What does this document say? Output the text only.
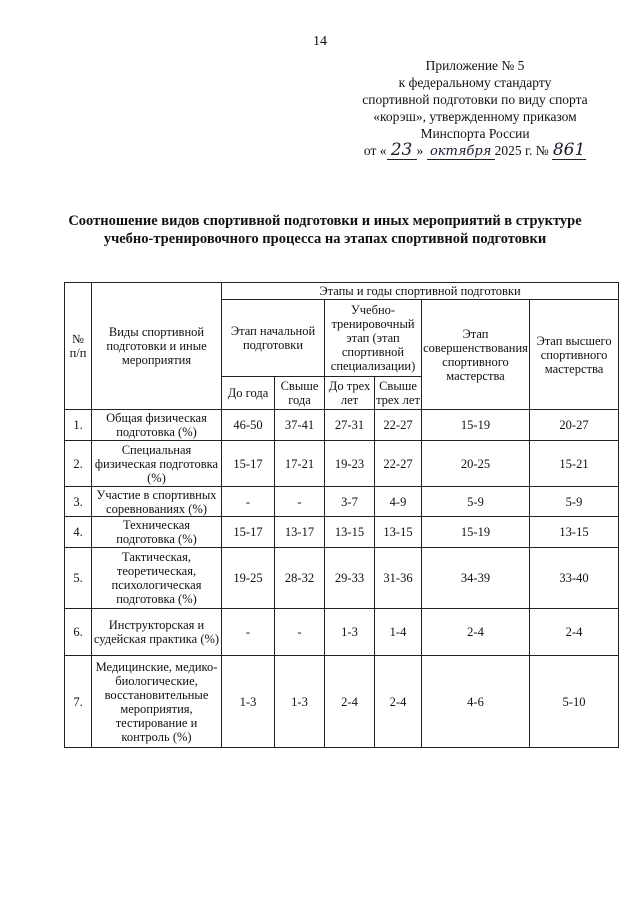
14
Приложение № 5
к федеральному стандарту
спортивной подготовки по виду спорта
«корэш», утвержденному приказом
Минспорта России
от « 23 » октября 2025 г. № 861
Соотношение видов спортивной подготовки и иных мероприятий в структуре
учебно-тренировочного процесса на этапах спортивной подготовки
№ п/п	Виды спортивной подготовки и иные мероприятия	Этапы и годы спортивной подготовки					
		Этап начальной подготовки		Учебно-тренировочный этап (этап спортивной специализации)		Этап совершенствования спортивного мастерства	Этап высшего спортивного мастерства
		До года	Свыше года	До трех лет	Свыше трех лет		
1.	Общая физическая подготовка (%)	46-50	37-41	27-31	22-27	15-19	20-27
2.	Специальная физическая подготовка (%)	15-17	17-21	19-23	22-27	20-25	15-21
3.	Участие в спортивных соревнованиях (%)	-	-	3-7	4-9	5-9	5-9
4.	Техническая подготовка (%)	15-17	13-17	13-15	13-15	15-19	13-15
5.	Тактическая, теоретическая, психологическая подготовка (%)	19-25	28-32	29-33	31-36	34-39	33-40
6.	Инструкторская и судейская практика (%)	-	-	1-3	1-4	2-4	2-4
7.	Медицинские, медико-биологические, восстановительные мероприятия, тестирование и контроль (%)	1-3	1-3	2-4	2-4	4-6	5-10
